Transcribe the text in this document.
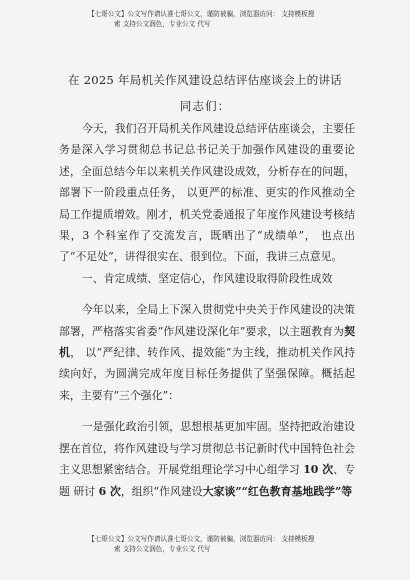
【七哥公文】公文写作请认准七哥公文，谨防被骗，浏览器访问： 支持模板搜
索 支持公文润色，专业公文 代写
在 2025 年局机关作风建设总结评估座谈会上的讲话
同志们：

今天，我们召开局机关作风建设总结评估座谈会，主要任务是深入学习贯彻总书记总书记关于加强作风建设的重要论述，全面总结今年以来机关作风建设成效，分析存在的问题，部署下一阶段重点任务， 以更严的标准、更实的作风推动全局工作提质增效。刚才，机关党委通报了年度作风建设考核结果，3 个科室作了交流发言，既晒出了“成绩单”， 也点出了“不足处”，讲得很实在、很到位。下面，我讲三点意见。

一、肯定成绩、坚定信心，作风建设取得阶段性成效

今年以来，全局上下深入贯彻党中央关于作风建设的决策部署，严格落实省委“作风建设深化年”要求，以主题教育为契机， 以“严纪律、转作风、提效能”为主线，推动机关作风持续向好，为圆满完成年度目标任务提供了坚强保障。概括起来，主要有“三个强化”：

一是强化政治引领，思想根基更加牢固。坚持把政治建设摆在首位，将作风建设与学习贯彻总书记新时代中国特色社会主义思想紧密结合。开展党组理论学习中心组学习 10 次、专题 研讨 6 次，组织“作风建设大家谈”“红色教育基地践学”等

【七哥公文】公文写作请认准七哥公文，谨防被骗，浏览器访问： 支持模板搜
索 支持公文润色，专业公文 代写
